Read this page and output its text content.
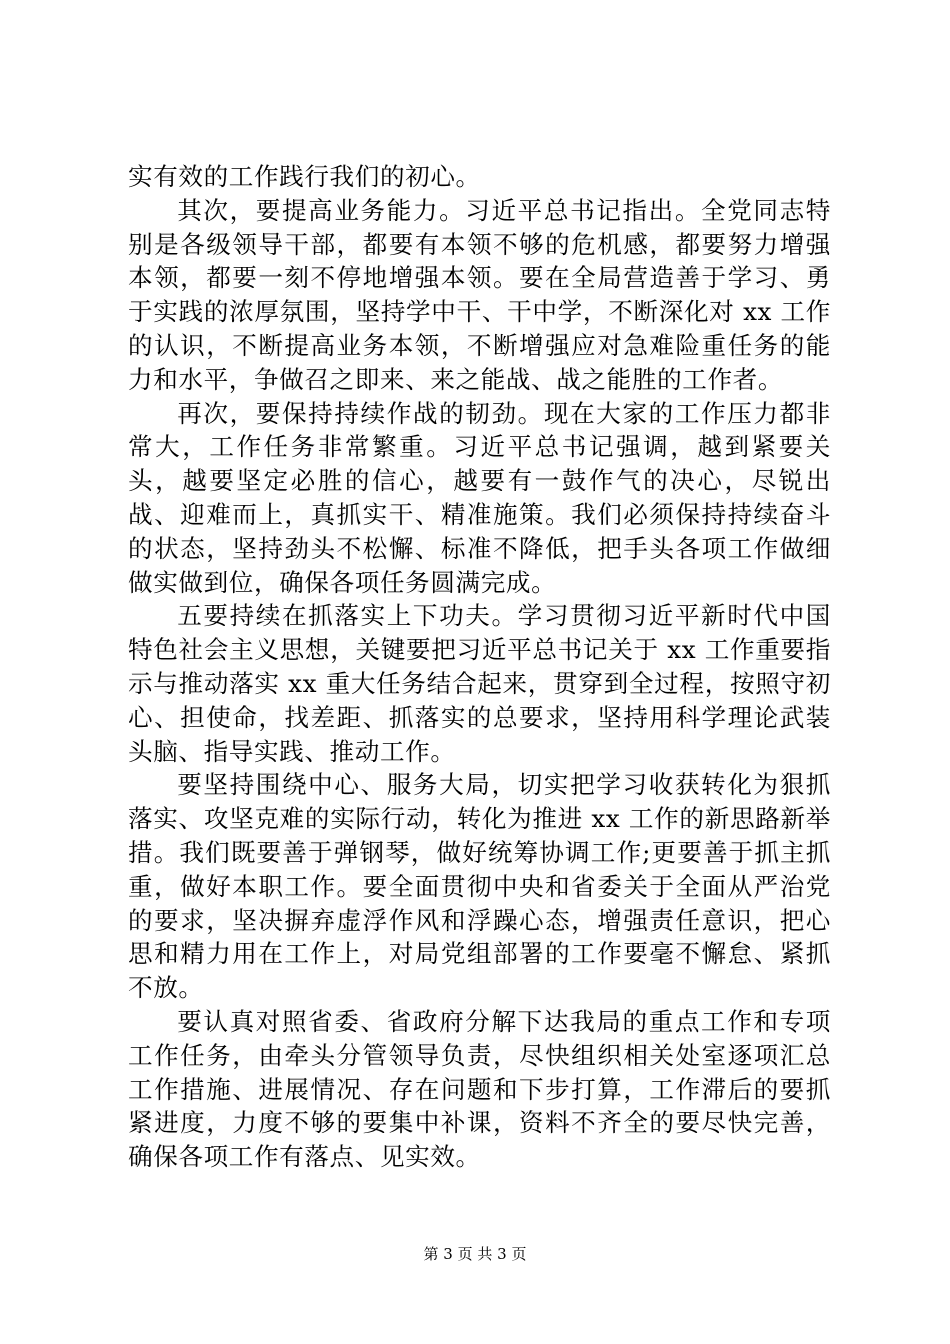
实有效的工作践行我们的初心。

其次，要提高业务能力。习近平总书记指出。全党同志特别是各级领导干部，都要有本领不够的危机感，都要努力增强本领，都要一刻不停地增强本领。要在全局营造善于学习、勇于实践的浓厚氛围，坚持学中干、干中学，不断深化对 xx 工作的认识，不断提高业务本领，不断增强应对急难险重任务的能力和水平，争做召之即来、来之能战、战之能胜的工作者。

再次，要保持持续作战的韧劲。现在大家的工作压力都非常大，工作任务非常繁重。习近平总书记强调，越到紧要关头，越要坚定必胜的信心，越要有一鼓作气的决心，尽锐出战、迎难而上，真抓实干、精准施策。我们必须保持持续奋斗的状态，坚持劲头不松懈、标准不降低，把手头各项工作做细做实做到位，确保各项任务圆满完成。

五要持续在抓落实上下功夫。学习贯彻习近平新时代中国特色社会主义思想，关键要把习近平总书记关于 xx 工作重要指示与推动落实 xx 重大任务结合起来，贯穿到全过程，按照守初心、担使命，找差距、抓落实的总要求，坚持用科学理论武装头脑、指导实践、推动工作。

要坚持围绕中心、服务大局，切实把学习收获转化为狠抓落实、攻坚克难的实际行动，转化为推进 xx 工作的新思路新举措。我们既要善于弹钢琴，做好统筹协调工作;更要善于抓主抓重，做好本职工作。要全面贯彻中央和省委关于全面从严治党的要求，坚决摒弃虚浮作风和浮躁心态，增强责任意识，把心思和精力用在工作上，对局党组部署的工作要毫不懈怠、紧抓不放。

要认真对照省委、省政府分解下达我局的重点工作和专项工作任务，由牵头分管领导负责，尽快组织相关处室逐项汇总工作措施、进展情况、存在问题和下步打算，工作滞后的要抓紧进度，力度不够的要集中补课，资料不齐全的要尽快完善，确保各项工作有落点、见实效。

第 3 页 共 3 页
